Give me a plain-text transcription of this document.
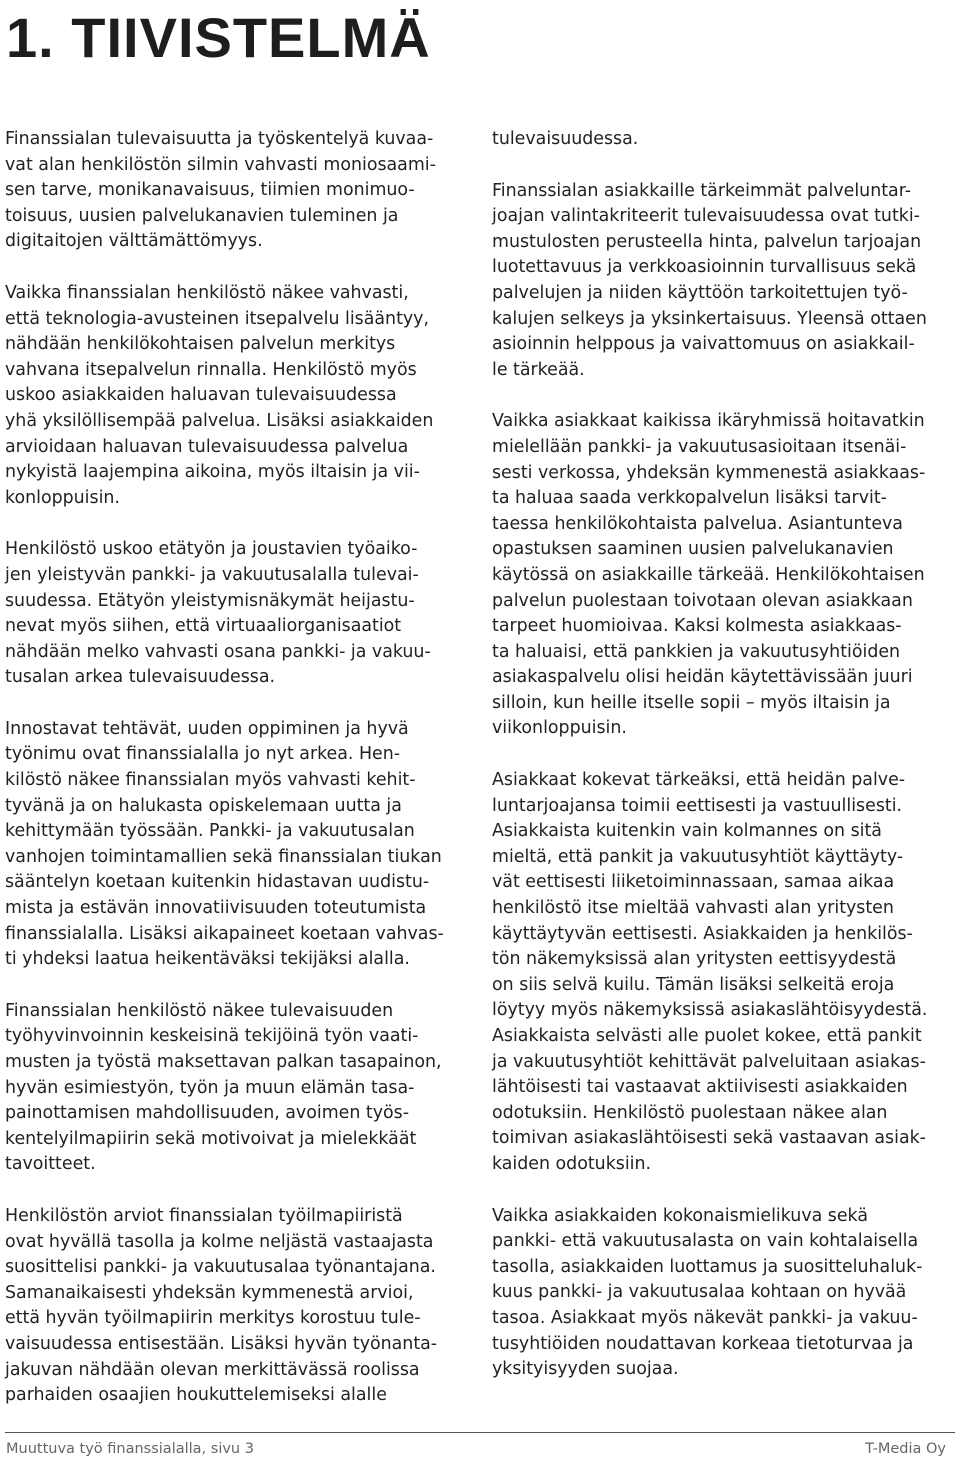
1. TIIVISTELMÄ

Finanssialan tulevaisuutta ja työskentelyä kuvaa-
vat alan henkilöstön silmin vahvasti moniosaami-
sen tarve, monikanavaisuus, tiimien monimuo-
toisuus, uusien palvelukanavien tuleminen ja
digitaitojen välttämättömyys.

Vaikka finanssialan henkilöstö näkee vahvasti,
että teknologia-avusteinen itsepalvelu lisääntyy,
nähdään henkilökohtaisen palvelun merkitys
vahvana itsepalvelun rinnalla. Henkilöstö myös
uskoo asiakkaiden haluavan tulevaisuudessa
yhä yksilöllisempää palvelua. Lisäksi asiakkaiden
arvioidaan haluavan tulevaisuudessa palvelua
nykyistä laajempina aikoina, myös iltaisin ja vii-
konloppuisin.

Henkilöstö uskoo etätyön ja joustavien työaiko-
jen yleistyvän pankki- ja vakuutusalalla tulevai-
suudessa. Etätyön yleistymisnäkymät heijastu-
nevat myös siihen, että virtuaaliorganisaatiot
nähdään melko vahvasti osana pankki- ja vakuu-
tusalan arkea tulevaisuudessa.

Innostavat tehtävät, uuden oppiminen ja hyvä
työnimu ovat finanssialalla jo nyt arkea. Hen-
kilöstö näkee finanssialan myös vahvasti kehit-
tyvänä ja on halukasta opiskelemaan uutta ja
kehittymään työssään. Pankki- ja vakuutusalan
vanhojen toimintamallien sekä finanssialan tiukan
sääntelyn koetaan kuitenkin hidastavan uudistu-
mista ja estävän innovatiivisuuden toteutumista
finanssialalla. Lisäksi aikapaineet koetaan vahvas-
ti yhdeksi laatua heikentäväksi tekijäksi alalla.

Finanssialan henkilöstö näkee tulevaisuuden
työhyvinvoinnin keskeisinä tekijöinä työn vaati-
musten ja työstä maksettavan palkan tasapainon,
hyvän esimiestyön, työn ja muun elämän tasa-
painottamisen mahdollisuuden, avoimen työs-
kentelyilmapiirin sekä motivoivat ja mielekkäät
tavoitteet.

Henkilöstön arviot finanssialan työilmapiiristä
ovat hyvällä tasolla ja kolme neljästä vastaajasta
suosittelisi pankki- ja vakuutusalaa työnantajana.
Samanaikaisesti yhdeksän kymmenestä arvioi,
että hyvän työilmapiirin merkitys korostuu tule-
vaisuudessa entisestään. Lisäksi hyvän työnanta-
jakuvan nähdään olevan merkittävässä roolissa
parhaiden osaajien houkuttelemiseksi alalle

tulevaisuudessa.

Finanssialan asiakkaille tärkeimmät palveluntar-
joajan valintakriteerit tulevaisuudessa ovat tutki-
mustulosten perusteella hinta, palvelun tarjoajan
luotettavuus ja verkkoasioinnin turvallisuus sekä
palvelujen ja niiden käyttöön tarkoitettujen työ-
kalujen selkeys ja yksinkertaisuus. Yleensä ottaen
asioinnin helppous ja vaivattomuus on asiakkail-
le tärkeää.

Vaikka asiakkaat kaikissa ikäryhmissä hoitavatkin
mielellään pankki- ja vakuutusasioitaan itsenäi-
sesti verkossa, yhdeksän kymmenestä asiakkaas-
ta haluaa saada verkkopalvelun lisäksi tarvit-
taessa henkilökohtaista palvelua. Asiantunteva
opastuksen saaminen uusien palvelukanavien
käytössä on asiakkaille tärkeää. Henkilökohtaisen
palvelun puolestaan toivotaan olevan asiakkaan
tarpeet huomioivaa. Kaksi kolmesta asiakkaas-
ta haluaisi, että pankkien ja vakuutusyhtiöiden
asiakaspalvelu olisi heidän käytettävissään juuri
silloin, kun heille itselle sopii – myös iltaisin ja
viikonloppuisin.

Asiakkaat kokevat tärkeäksi, että heidän palve-
luntarjoajansa toimii eettisesti ja vastuullisesti.
Asiakkaista kuitenkin vain kolmannes on sitä
mieltä, että pankit ja vakuutusyhtiöt käyttäyty-
vät eettisesti liiketoiminnassaan, samaa aikaa
henkilöstö itse mieltää vahvasti alan yritysten
käyttäytyvän eettisesti. Asiakkaiden ja henkilös-
tön näkemyksissä alan yritysten eettisyydestä
on siis selvä kuilu. Tämän lisäksi selkeitä eroja
löytyy myös näkemyksissä asiakaslähtöisyydestä.
Asiakkaista selvästi alle puolet kokee, että pankit
ja vakuutusyhtiöt kehittävät palveluitaan asiakas-
lähtöisesti tai vastaavat aktiivisesti asiakkaiden
odotuksiin. Henkilöstö puolestaan näkee alan
toimivan asiakaslähtöisesti sekä vastaavan asiak-
kaiden odotuksiin.

Vaikka asiakkaiden kokonaismielikuva sekä
pankki- että vakuutusalasta on vain kohtalaisella
tasolla, asiakkaiden luottamus ja suositteluhaluk-
kuus pankki- ja vakuutusalaa kohtaan on hyvää
tasoa. Asiakkaat myös näkevät pankki- ja vakuu-
tusyhtiöiden noudattavan korkeaa tietoturvaa ja
yksityisyyden suojaa.

Muuttuva työ finanssialalla, sivu 3	T-Media Oy
